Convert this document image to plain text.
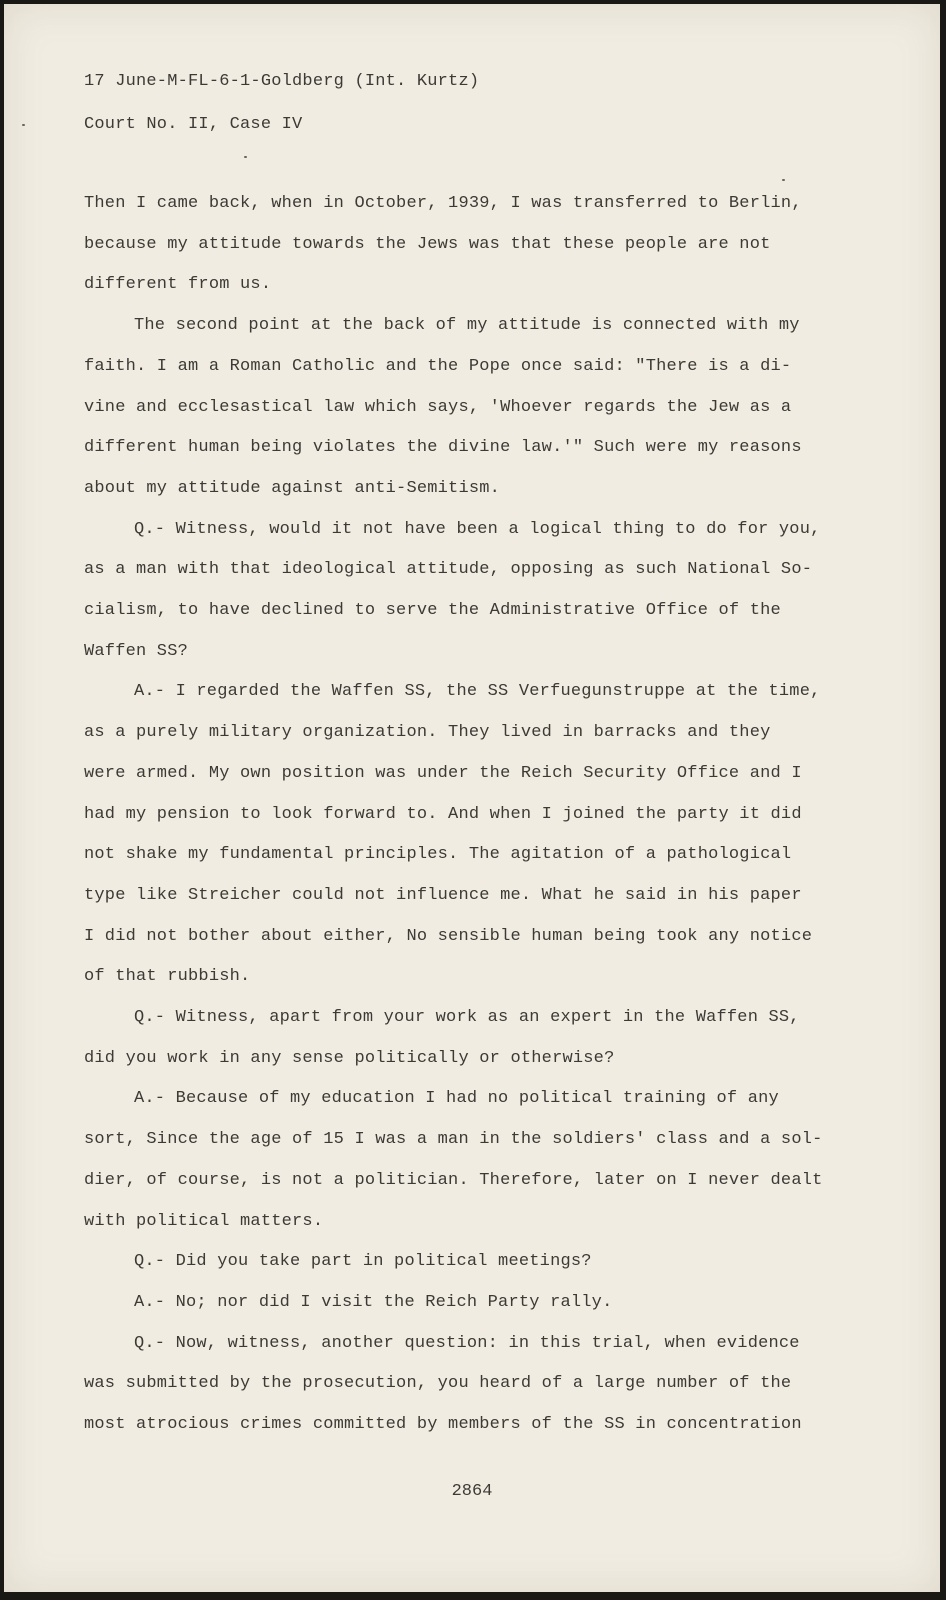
17 June-M-FL-6-1-Goldberg (Int. Kurtz)
Court No. II, Case IV
Then I came back, when in October, 1939, I was transferred to Berlin,
because my attitude towards the Jews was that these people are not
different from us.
The second point at the back of my attitude is connected with my
faith. I am a Roman Catholic and the Pope once said: "There is a di-
vine and ecclesastical law which says, 'Whoever regards the Jew as a
different human being violates the divine law.'" Such were my reasons
about my attitude against anti-Semitism.
Q.- Witness, would it not have been a logical thing to do for you,
as a man with that ideological attitude, opposing as such National So-
cialism, to have declined to serve the Administrative Office of the
Waffen SS?
A.- I regarded the Waffen SS, the SS Verfuegunstruppe at the time,
as a purely military organization. They lived in barracks and they
were armed. My own position was under the Reich Security Office and I
had my pension to look forward to. And when I joined the party it did
not shake my fundamental principles. The agitation of a pathological
type like Streicher could not influence me. What he said in his paper
I did not bother about either, No sensible human being took any notice
of that rubbish.
Q.- Witness, apart from your work as an expert in the Waffen SS,
did you work in any sense politically or otherwise?
A.- Because of my education I had no political training of any
sort, Since the age of 15 I was a man in the soldiers' class and a sol-
dier, of course, is not a politician. Therefore, later on I never dealt
with political matters.
Q.- Did you take part in political meetings?
A.- No; nor did I visit the Reich Party rally.
Q.- Now, witness, another question: in this trial, when evidence
was submitted by the prosecution, you heard of a large number of the
most atrocious crimes committed by members of the SS in concentration
2864
